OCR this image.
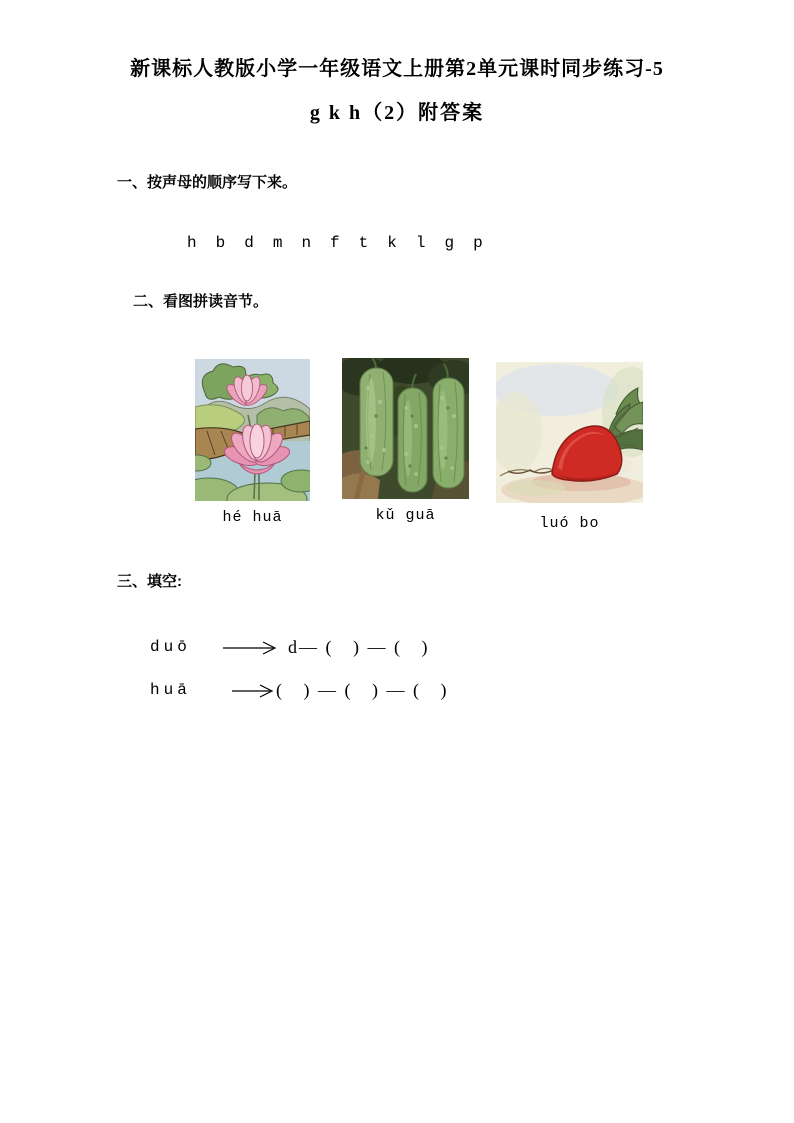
新课标人教版小学一年级语文上册第2单元课时同步练习-5
g k h（2）附答案
一、按声母的顺序写下来。
h b d m n f t k l g p
二、看图拼读音节。
hé huā	kǔ guā	luó bo
三、填空:
duō	d— (   ) — (   )
huā	(   ) — (   ) — (   )
